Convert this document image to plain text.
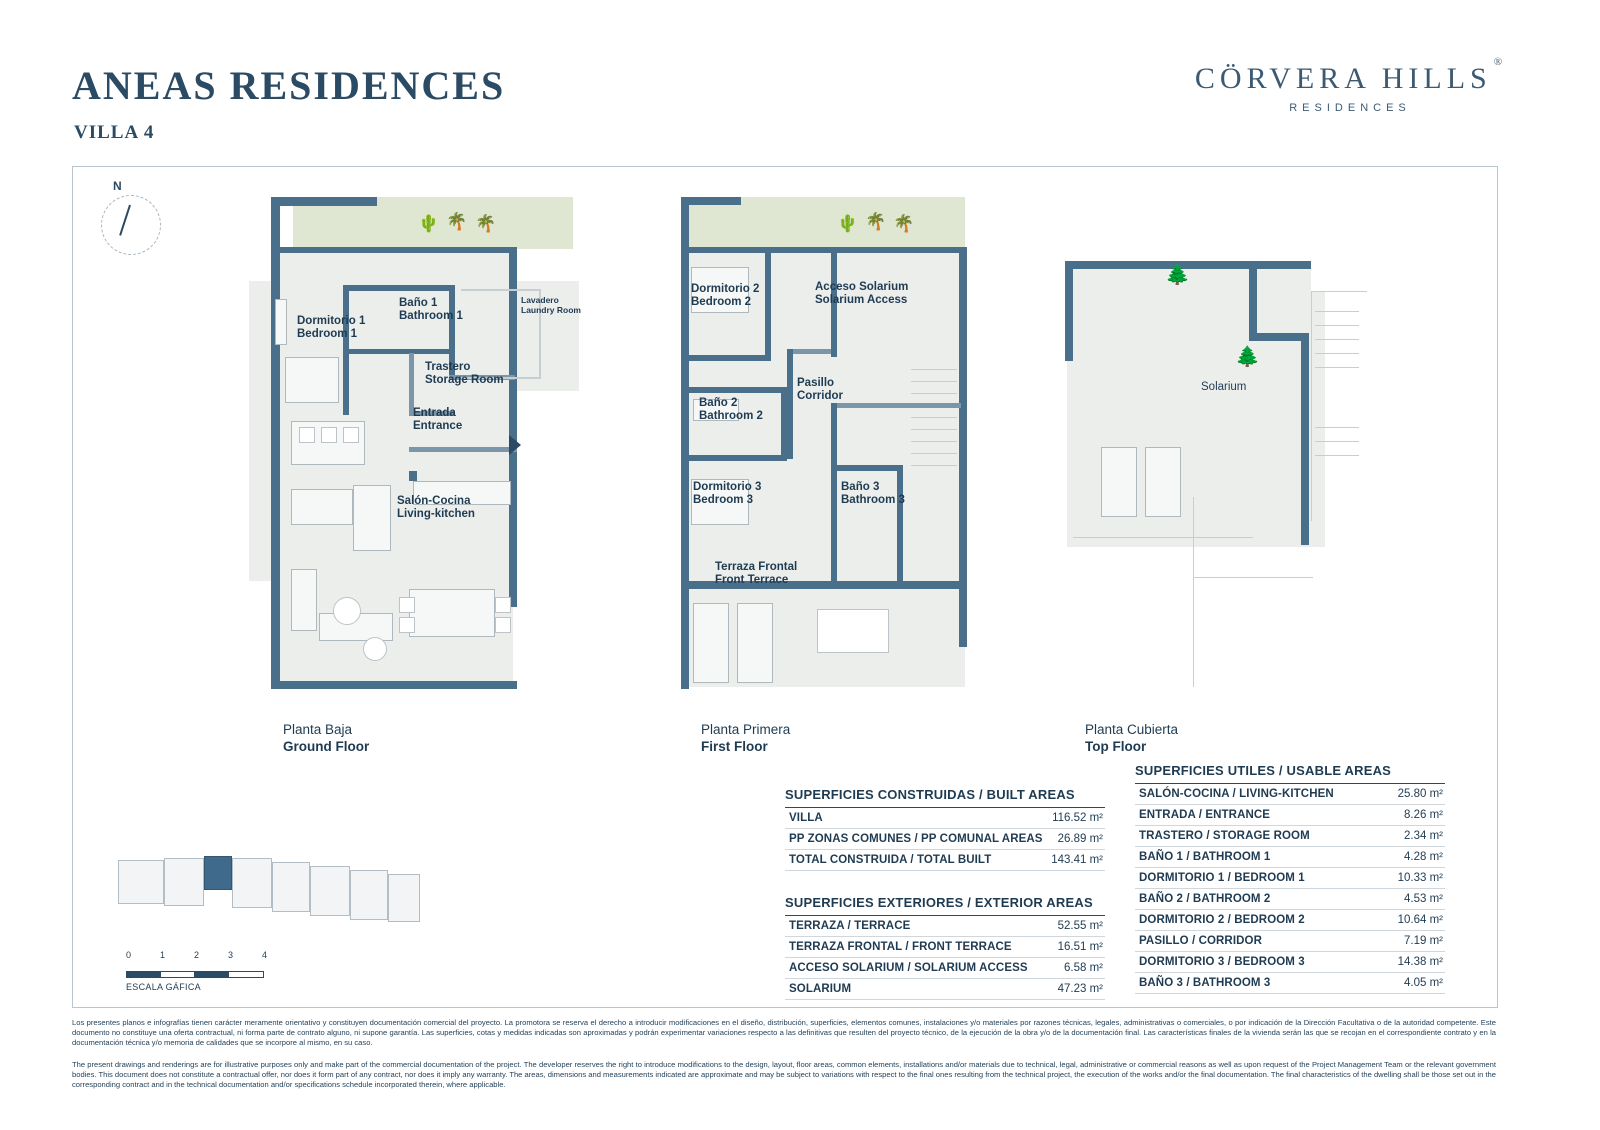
ANEAS RESIDENCES
VILLA 4
CÖRVERA HILLS ®
RESIDENCES
N
🌵 🌴 🌴
Dormitorio 1
Bedroom 1
Baño 1
Bathroom 1
Lavadero
Laundry Room
Trastero
Storage Room
Entrada
Entrance
Salón-Cocina
Living-kitchen
Planta Baja
Ground Floor
🌵 🌴 🌴
Dormitorio 2
Bedroom 2
Acceso Solarium
Solarium Access
Pasillo
Corridor
Baño 2
Bathroom 2
Dormitorio 3
Bedroom 3
Baño 3
Bathroom 3
Terraza Frontal
Front Terrace
Planta Primera
First Floor
🌲
🌲
Solarium
Planta Cubierta
Top Floor
SUPERFICIES CONSTRUIDAS / BUILT AREAS
VILLA	116.52 m²
PP ZONAS COMUNES / PP COMUNAL AREAS 26.89 m²
TOTAL CONSTRUIDA / TOTAL BUILT	143.41 m²
SUPERFICIES EXTERIORES / EXTERIOR AREAS
TERRAZA / TERRACE	52.55 m²
TERRAZA FRONTAL / FRONT TERRACE	16.51 m²
ACCESO SOLARIUM / SOLARIUM ACCESS	6.58 m²
SOLARIUM	47.23 m²
SUPERFICIES UTILES / USABLE AREAS
SALÓN-COCINA / LIVING-KITCHEN	25.80 m²
ENTRADA / ENTRANCE	8.26 m²
TRASTERO / STORAGE ROOM	2.34 m²
BAÑO 1 / BATHROOM 1	4.28 m²
DORMITORIO 1 / BEDROOM 1	10.33 m²
BAÑO 2 / BATHROOM 2	4.53 m²
DORMITORIO 2 / BEDROOM 2	10.64 m²
PASILLO / CORRIDOR	7.19 m²
DORMITORIO 3 / BEDROOM 3	14.38 m²
BAÑO 3 / BATHROOM 3	4.05 m²
0	1	2	3	4
ESCALA GÁFICA

Los presentes planos e infografías tienen carácter meramente orientativo y constituyen documentación comercial del proyecto. La promotora se reserva el derecho a introducir modificaciones en el diseño, distribución, superficies, elementos comunes, instalaciones y/o materiales por razones técnicas, legales, administrativas o comerciales, o por indicación de la Dirección Facultativa o de la autoridad competente. Este documento no constituye una oferta contractual, ni forma parte de contrato alguno, ni supone garantía. Las superficies, cotas y medidas indicadas son aproximadas y podrán experimentar variaciones respecto a las definitivas que resulten del proyecto técnico, de la ejecución de la obra y/o de la documentación final. Las características finales de la vivienda serán las que se recojan en el correspondiente contrato y en la documentación técnica y/o memoria de calidades que se incorpore al mismo, en su caso.

The present drawings and renderings are for illustrative purposes only and make part of the commercial documentation of the project. The developer reserves the right to introduce modifications to the design, layout, floor areas, common elements, installations and/or materials due to technical, legal, administrative or commercial reasons as well as upon request of the Project Management Team or the relevant government bodies. This document does not constitute a contractual offer, nor does it form part of any contract, nor does it imply any warranty. The areas, dimensions and measurements indicated are approximate and may be subject to variations with respect to the final ones resulting from the technical project, the execution of the works and/or the final documentation. The final characteristics of the dwelling shall be those set out in the corresponding contract and in the technical documentation and/or specifications schedule incorporated therein, where applicable.
